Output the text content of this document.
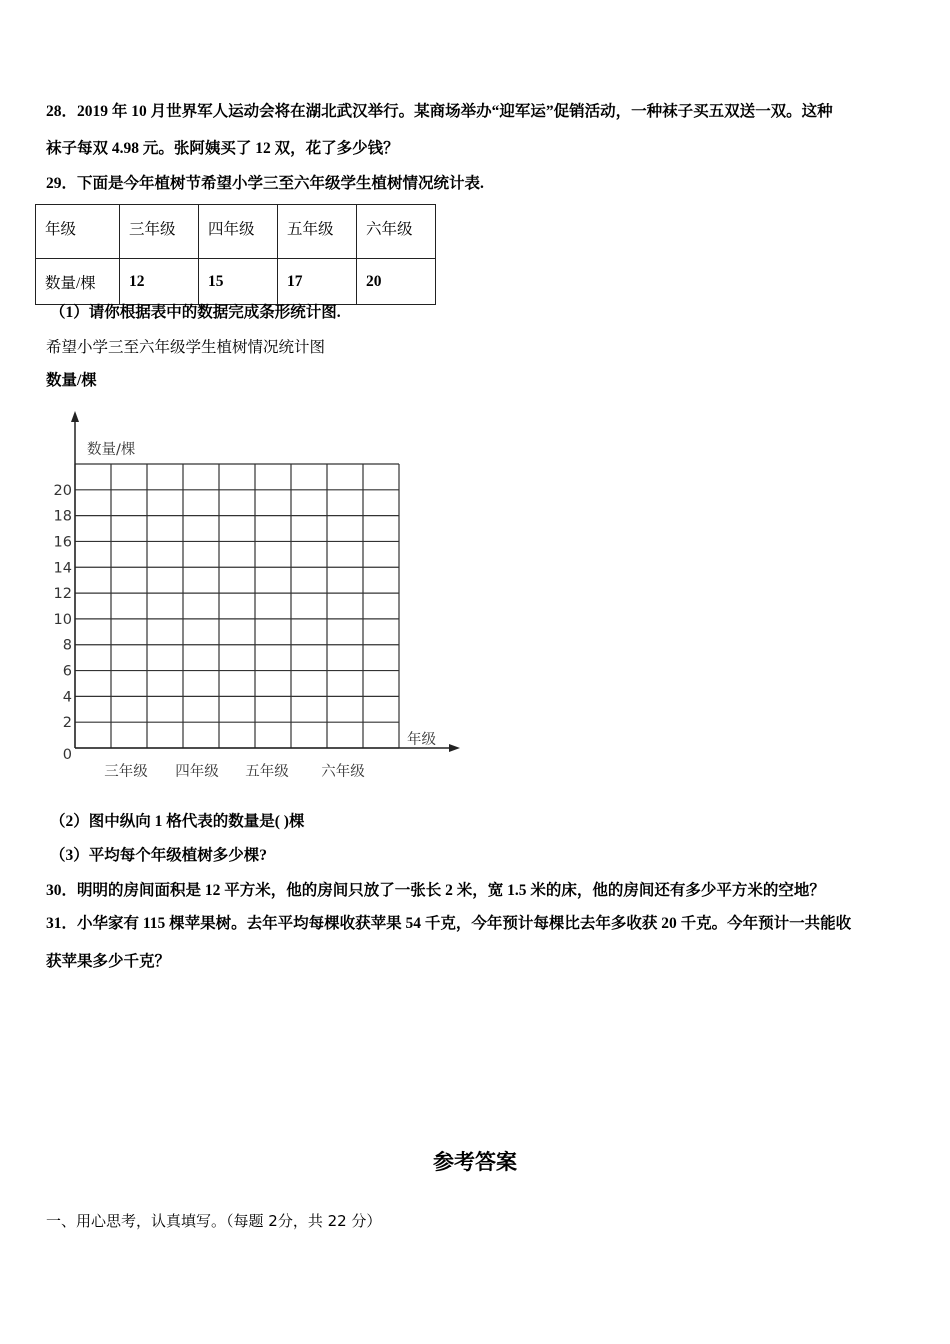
28．2019 年 10 月世界军人运动会将在湖北武汉举行。某商场举办“迎军运”促销活动，一种袜子买五双送一双。这种
袜子每双 4.98 元。张阿姨买了 12 双，花了多少钱？
29．下面是今年植树节希望小学三至六年级学生植树情况统计表.
年级	三年级	四年级	五年级	六年级
数量/棵	12	15	17	20
（1）请你根据表中的数据完成条形统计图.
希望小学三至六年级学生植树情况统计图
数量/棵
数量/棵
年级
0
2
4
6
8
10
12
14
16
18
20
三年级 四年级 五年级 六年级
（2）图中纵向 1 格代表的数量是( )棵
（3）平均每个年级植树多少棵?
30．明明的房间面积是 12 平方米，他的房间只放了一张长 2 米，宽 1.5 米的床，他的房间还有多少平方米的空地？
31．小华家有 115 棵苹果树。去年平均每棵收获苹果 54 千克，今年预计每棵比去年多收获 20 千克。今年预计一共能收
获苹果多少千克？
参考答案
一、用心思考，认真填写。（每题 2分，共 22 分）
